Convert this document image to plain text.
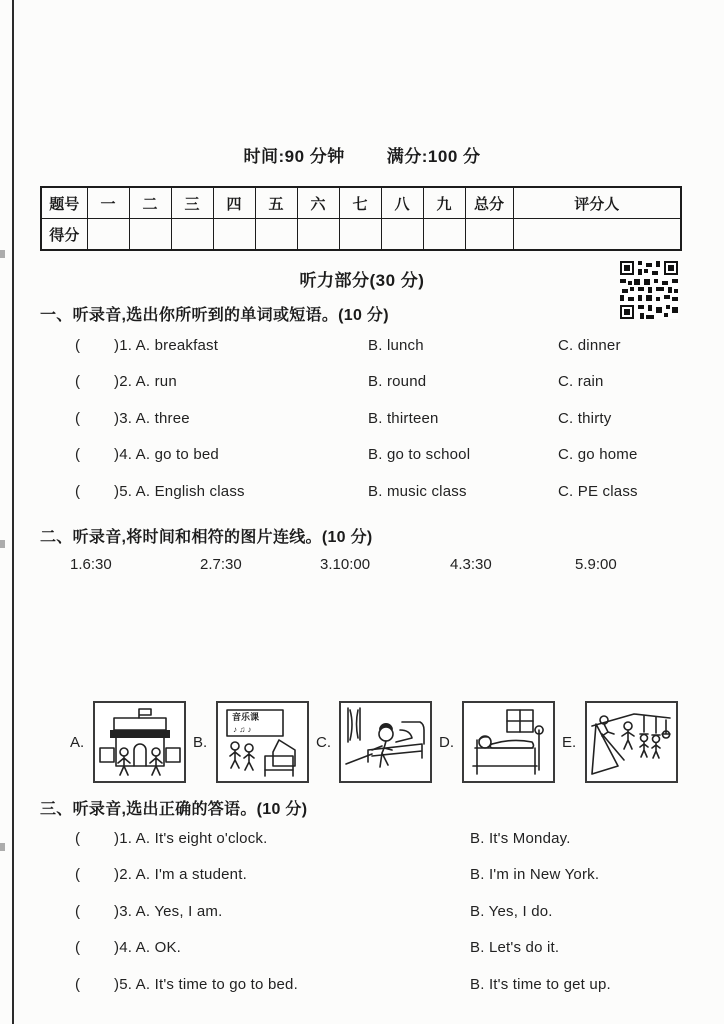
时间:90 分钟 满分:100 分
题号	一	二	三	四	五	六	七	八	九	总分	评分人
得分											
听力部分(30 分)
一、听录音,选出你所听到的单词或短语。(10 分)
(	)1. A. breakfast	B. lunch	C. dinner
(	)2. A. run	B. round	C. rain
(	)3. A. three	B. thirteen	C. thirty
(	)4. A. go to bed	B. go to school	C. go home
(	)5. A. English class	B. music class	C. PE class
二、听录音,将时间和相符的图片连线。(10 分)
1.6:30	2.7:30	3.10:00	4.3:30	5.9:00
A.	B.
音乐课
♪ ♫ ♪
C.	D.	E.
三、听录音,选出正确的答语。(10 分)
(	)1. A. It's eight o'clock.	B. It's Monday.
(	)2. A. I'm a student.	B. I'm in New York.
(	)3. A. Yes, I am.	B. Yes, I do.
(	)4. A. OK.	B. Let's do it.
(	)5. A. It's time to go to bed.	B. It's time to get up.
